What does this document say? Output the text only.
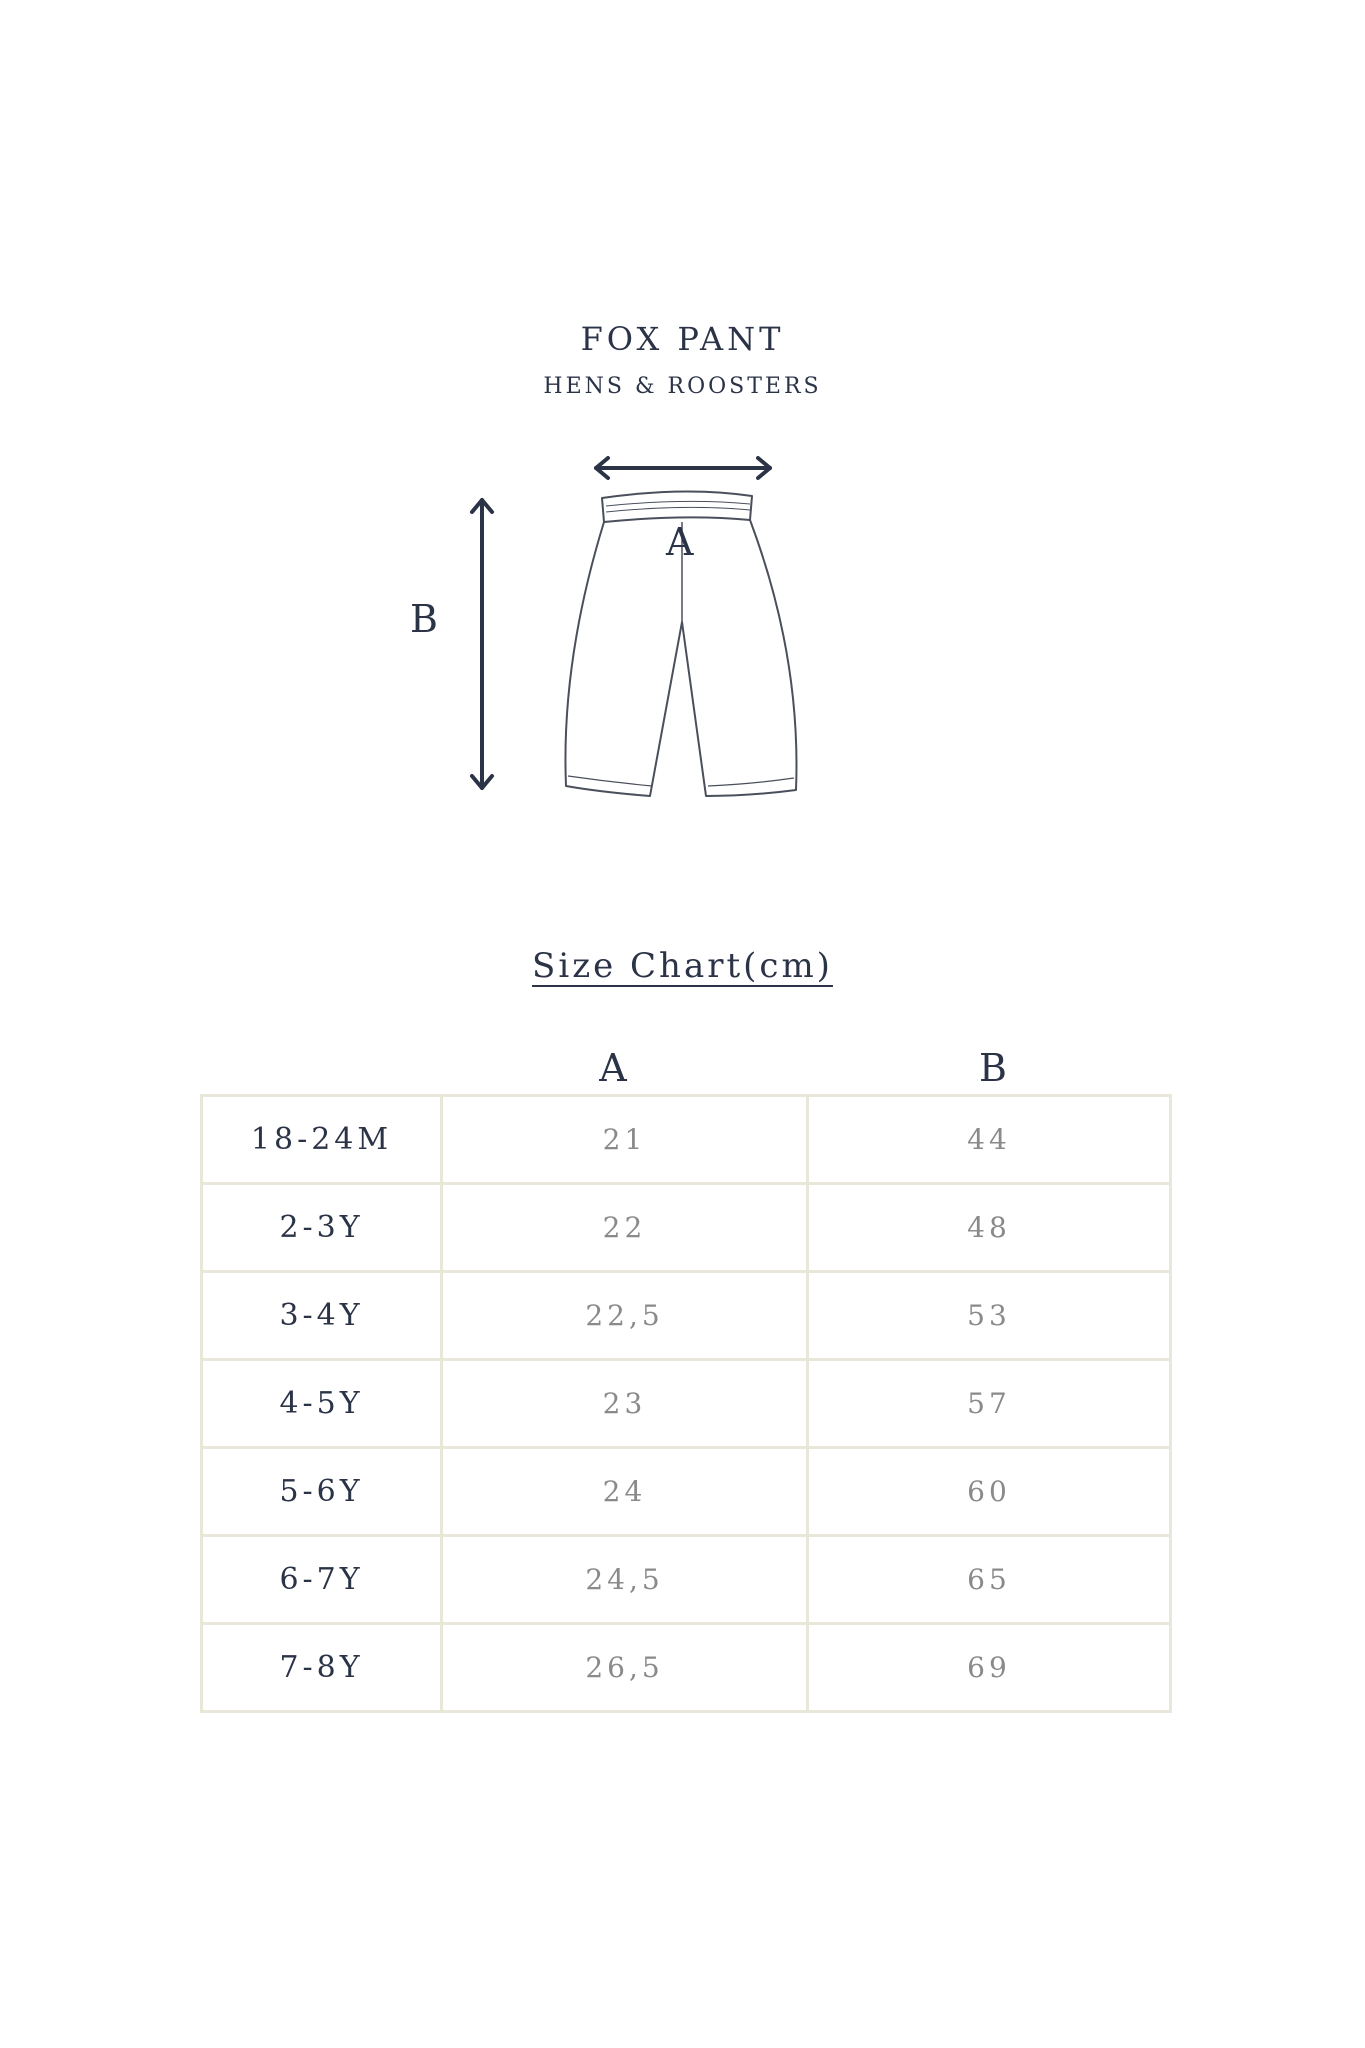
FOX PANT
HENS & ROOSTERS
A
B
Size Chart(cm)
A	B
18-24M	21	44
2-3Y	22	48
3-4Y	22,5	53
4-5Y	23	57
5-6Y	24	60
6-7Y	24,5	65
7-8Y	26,5	69
